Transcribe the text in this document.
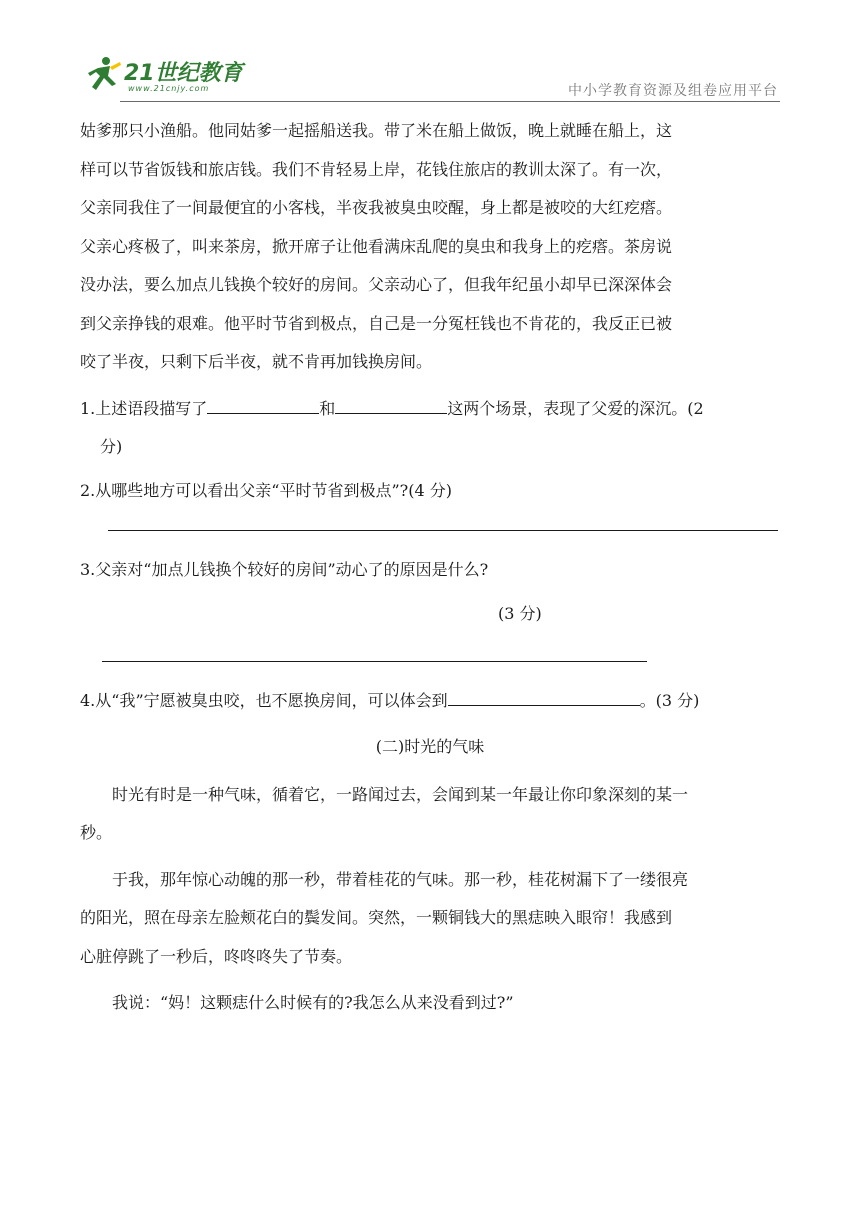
21世纪教育
www.21cnjy.com	中小学教育资源及组卷应用平台

姑爹那只小渔船。他同姑爹一起摇船送我。带了米在船上做饭，晚上就睡在船上，这

样可以节省饭钱和旅店钱。我们不肯轻易上岸，花钱住旅店的教训太深了。有一次，

父亲同我住了一间最便宜的小客栈，半夜我被臭虫咬醒，身上都是被咬的大红疙瘩。

父亲心疼极了，叫来茶房，掀开席子让他看满床乱爬的臭虫和我身上的疙瘩。茶房说

没办法，要么加点儿钱换个较好的房间。父亲动心了，但我年纪虽小却早已深深体会

到父亲挣钱的艰难。他平时节省到极点，自己是一分冤枉钱也不肯花的，我反正已被

咬了半夜，只剩下后半夜，就不肯再加钱换房间。

1.上述语段描写了	和	这两个场景，表现了父爱的深沉。(2

分)

2.从哪些地方可以看出父亲“平时节省到极点”?(4 分)

3.父亲对“加点儿钱换个较好的房间”动心了的原因是什么?

(3 分)

4.从“我”宁愿被臭虫咬，也不愿换房间，可以体会到	。(3 分)

(二)时光的气味

时光有时是一种气味，循着它，一路闻过去，会闻到某一年最让你印象深刻的某一

秒。

于我，那年惊心动魄的那一秒，带着桂花的气味。那一秒，桂花树漏下了一缕很亮

的阳光，照在母亲左脸颊花白的鬓发间。突然，一颗铜钱大的黑痣映入眼帘！我感到

心脏停跳了一秒后，咚咚咚失了节奏。

我说：“妈！这颗痣什么时候有的?我怎么从来没看到过?”
